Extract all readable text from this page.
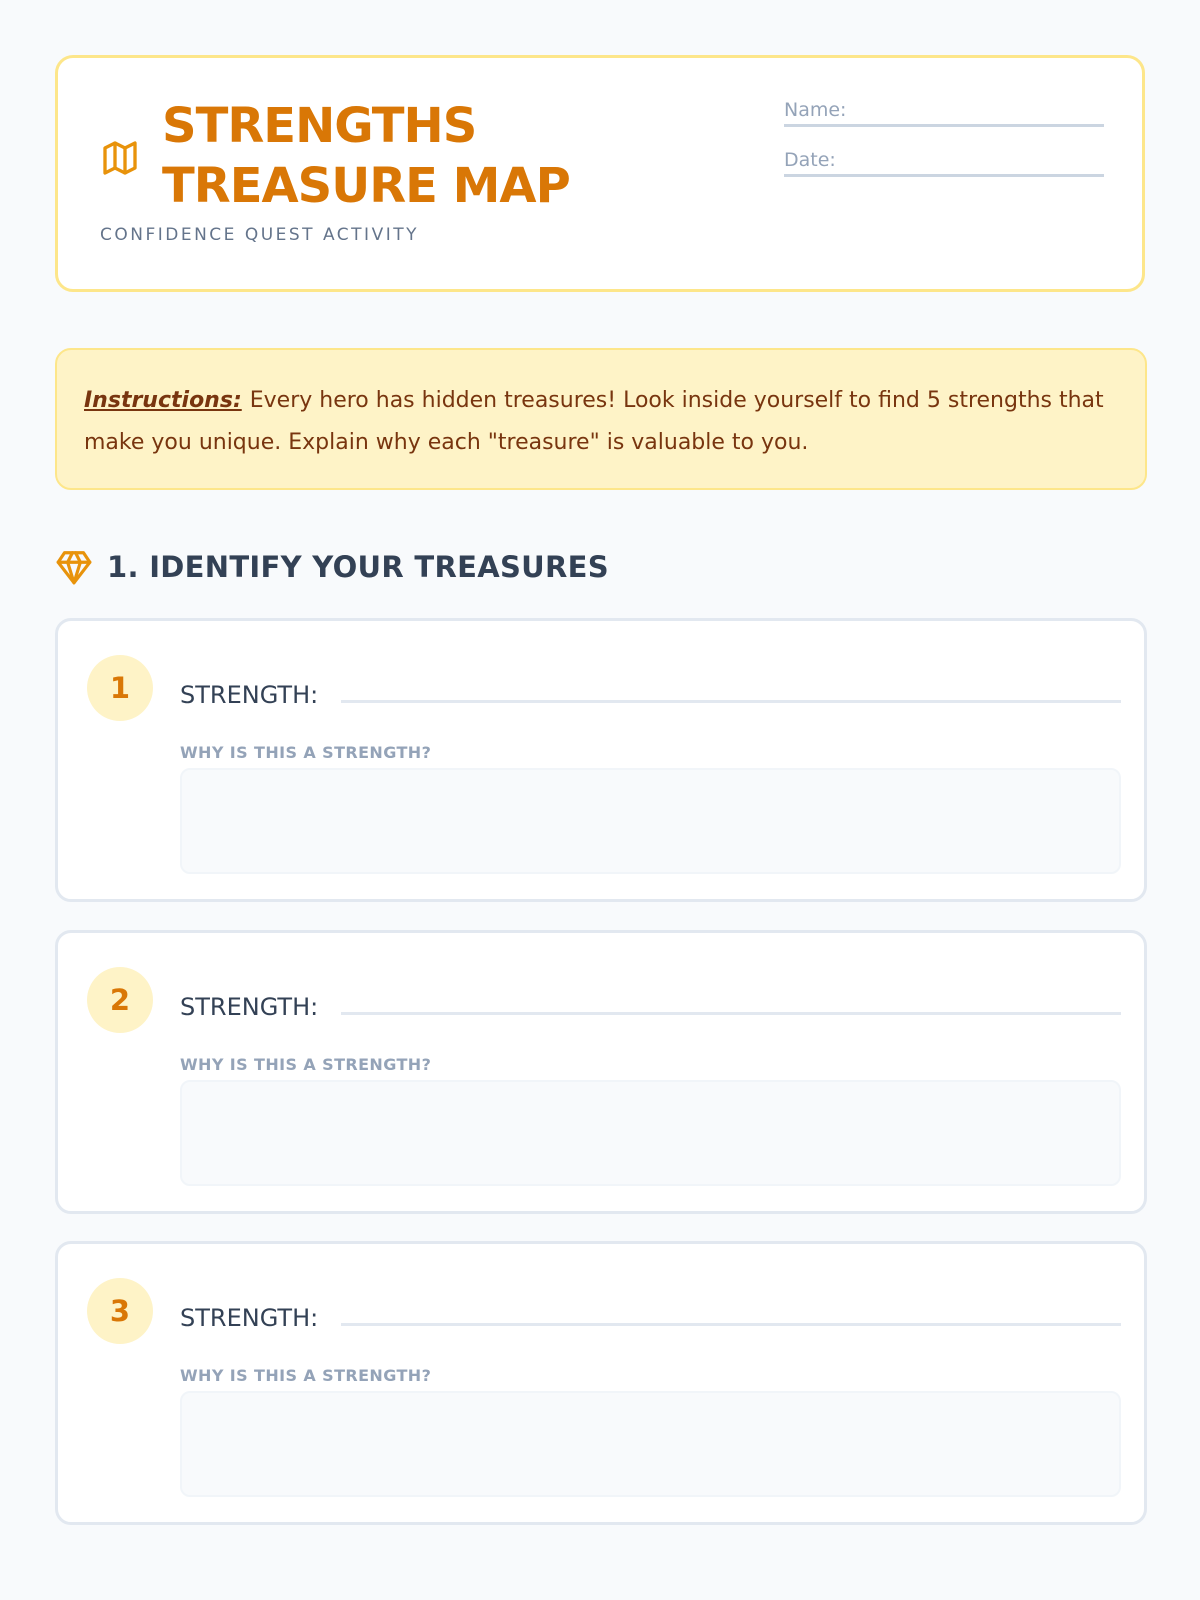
STRENGTHS TREASURE MAP
CONFIDENCE QUEST ACTIVITY
Name:
Date:
Instructions: Every hero has hidden treasures! Look inside yourself to find 5 strengths that make you unique. Explain why each "treasure" is valuable to you.
1. IDENTIFY YOUR TREASURES
1	STRENGTH:
WHY IS THIS A STRENGTH?
2	STRENGTH:
WHY IS THIS A STRENGTH?
3	STRENGTH:
WHY IS THIS A STRENGTH?
